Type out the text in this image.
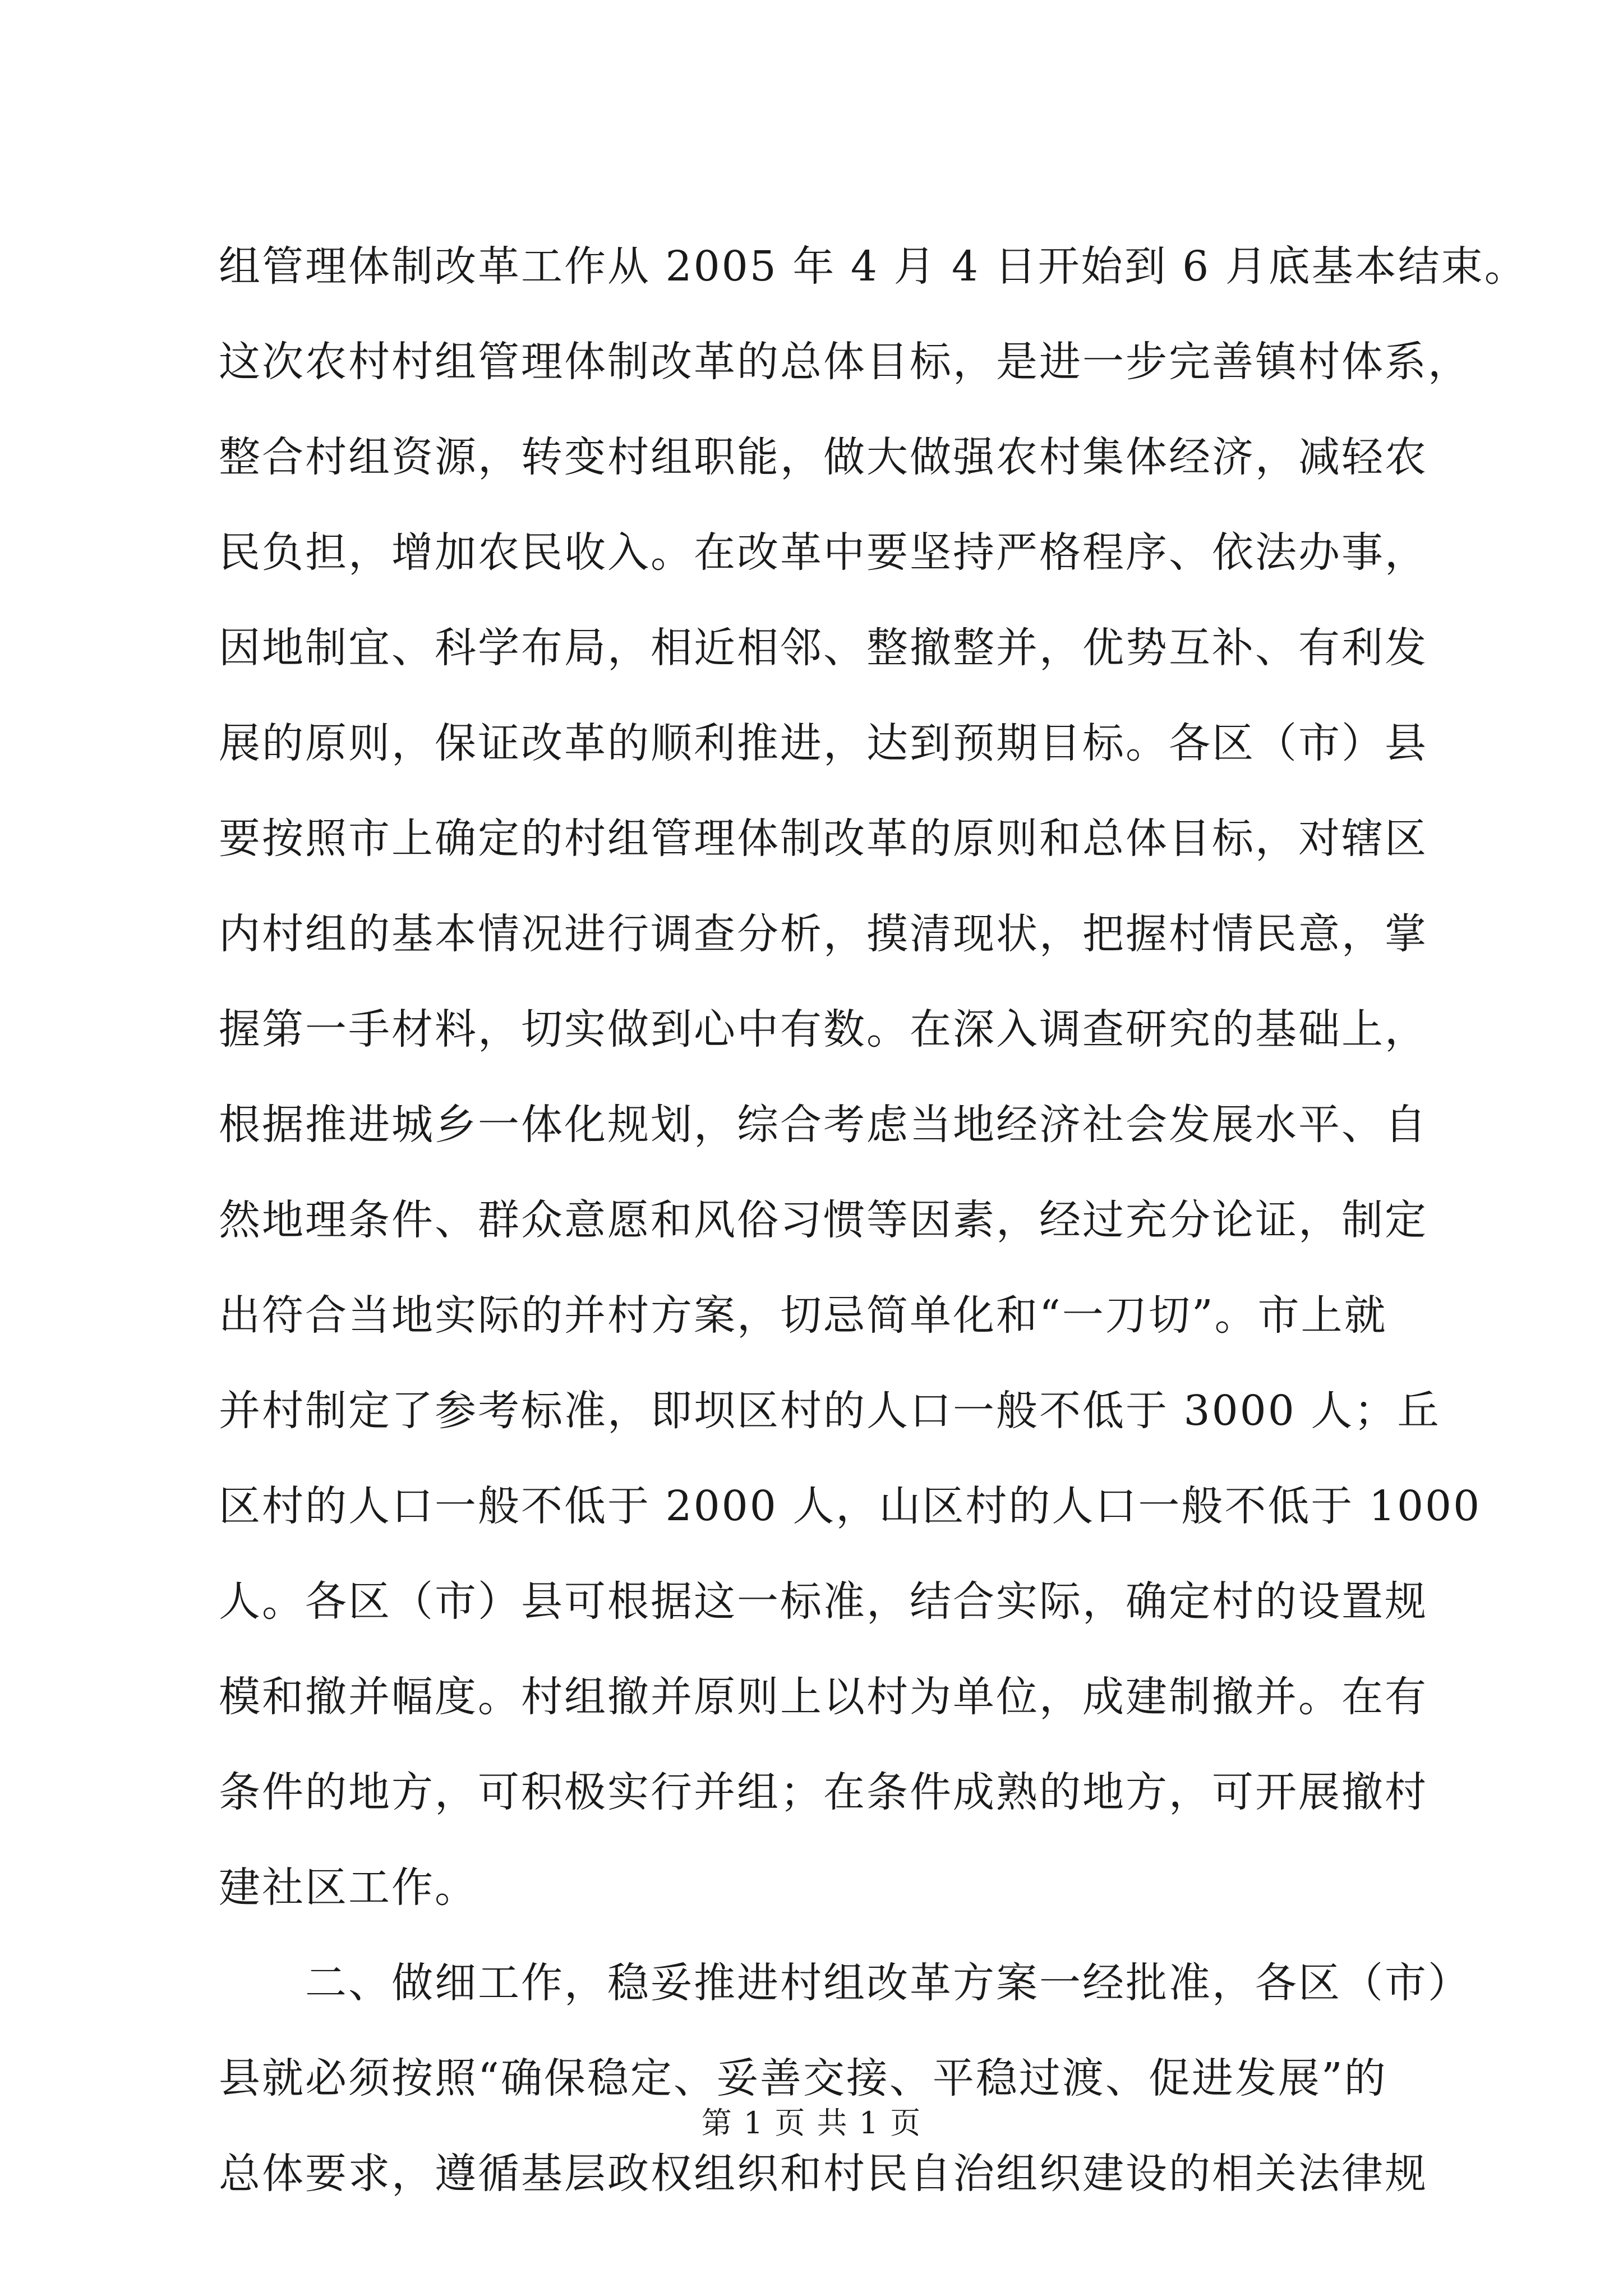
组管理体制改革工作从 2005 年 4 月 4 日开始到 6 月底基本结束。
这次农村村组管理体制改革的总体目标，是进一步完善镇村体系，
整合村组资源，转变村组职能，做大做强农村集体经济，减轻农
民负担，增加农民收入。在改革中要坚持严格程序、依法办事，
因地制宜、科学布局，相近相邻、整撤整并，优势互补、有利发
展的原则，保证改革的顺利推进，达到预期目标。各区（市）县
要按照市上确定的村组管理体制改革的原则和总体目标，对辖区
内村组的基本情况进行调查分析，摸清现状，把握村情民意，掌
握第一手材料，切实做到心中有数。在深入调查研究的基础上，
根据推进城乡一体化规划，综合考虑当地经济社会发展水平、自
然地理条件、群众意愿和风俗习惯等因素，经过充分论证，制定
出符合当地实际的并村方案，切忌简单化和“一刀切”。市上就
并村制定了参考标准，即坝区村的人口一般不低于 3000 人；丘
区村的人口一般不低于 2000 人，山区村的人口一般不低于 1000
人。各区（市）县可根据这一标准，结合实际，确定村的设置规
模和撤并幅度。村组撤并原则上以村为单位，成建制撤并。在有
条件的地方，可积极实行并组；在条件成熟的地方，可开展撤村
建社区工作。
　　二、做细工作，稳妥推进村组改革方案一经批准，各区（市）
县就必须按照“确保稳定、妥善交接、平稳过渡、促进发展”的
总体要求，遵循基层政权组织和村民自治组织建设的相关法律规
第 1 页 共 1 页
